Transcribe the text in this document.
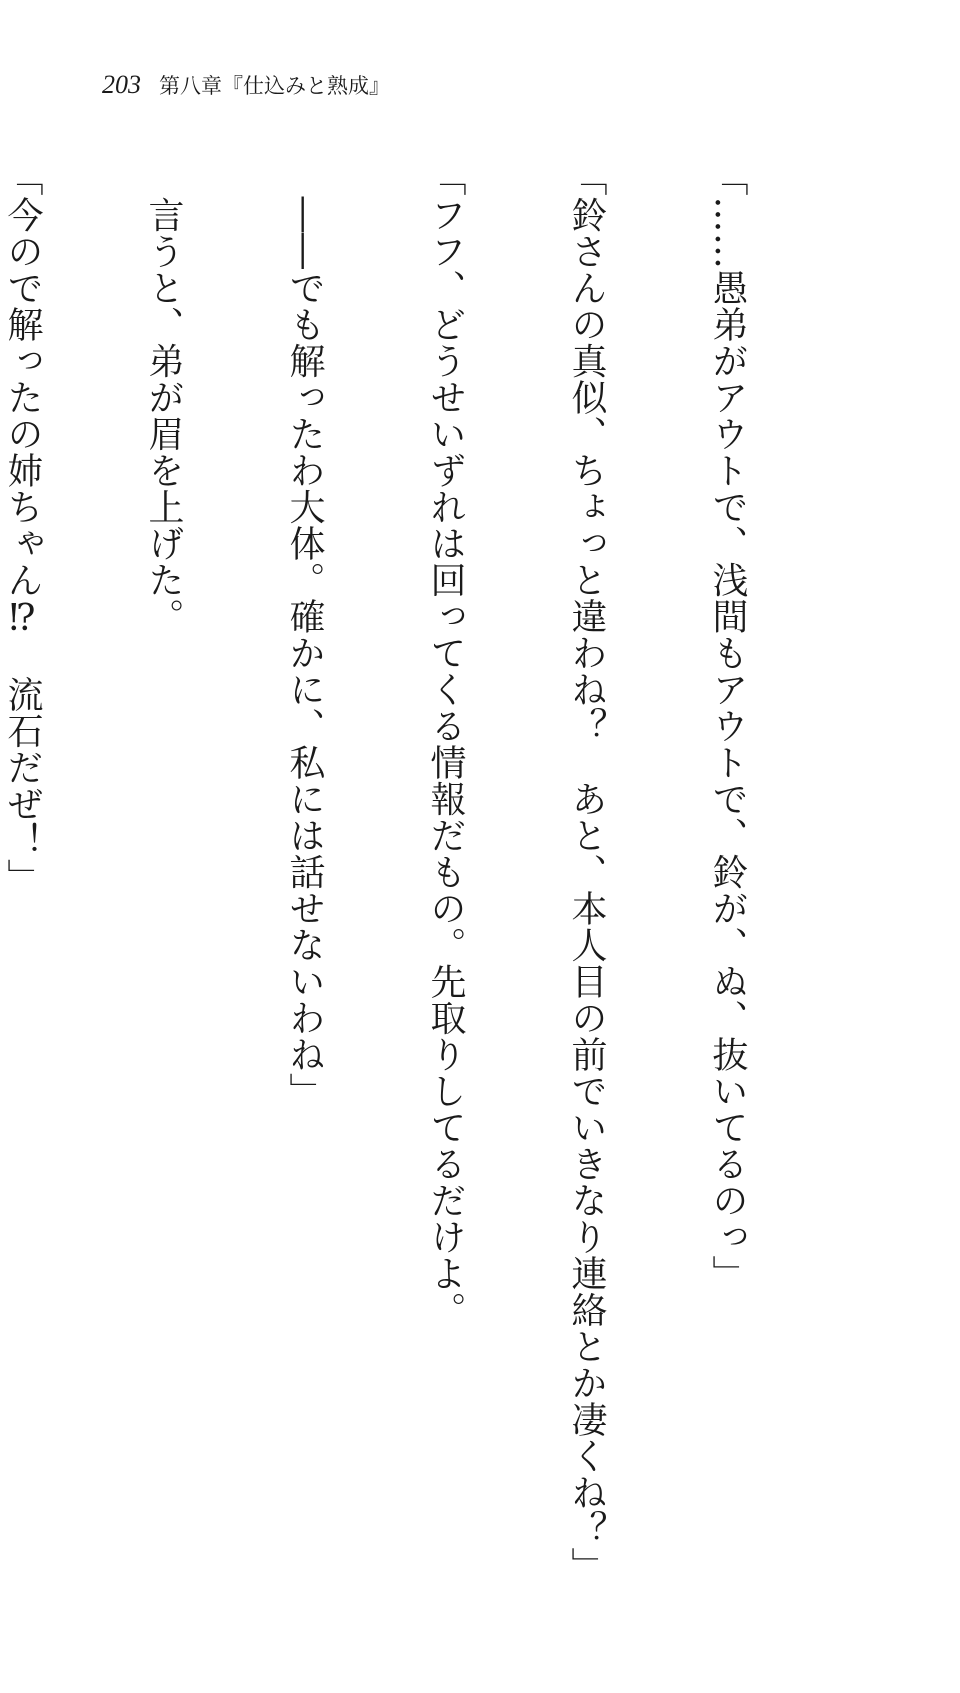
203 第八章『仕込みと熟成』

「……愚弟がアウトで、浅間もアウトで、鈴が、ぬ、抜いてるのっ」

「鈴さんの真似、ちょっと違わね？　あと、本人目の前でいきなり連絡とか凄くね？」

「フフ、どうせいずれは回ってくる情報だもの。先取りしてるだけよ。

　――でも解ったわ大体。確かに、私には話せないわね」

　言うと、弟が眉を上げた。

「今ので解ったの姉ちゃん⁉　流石だぜ！」
